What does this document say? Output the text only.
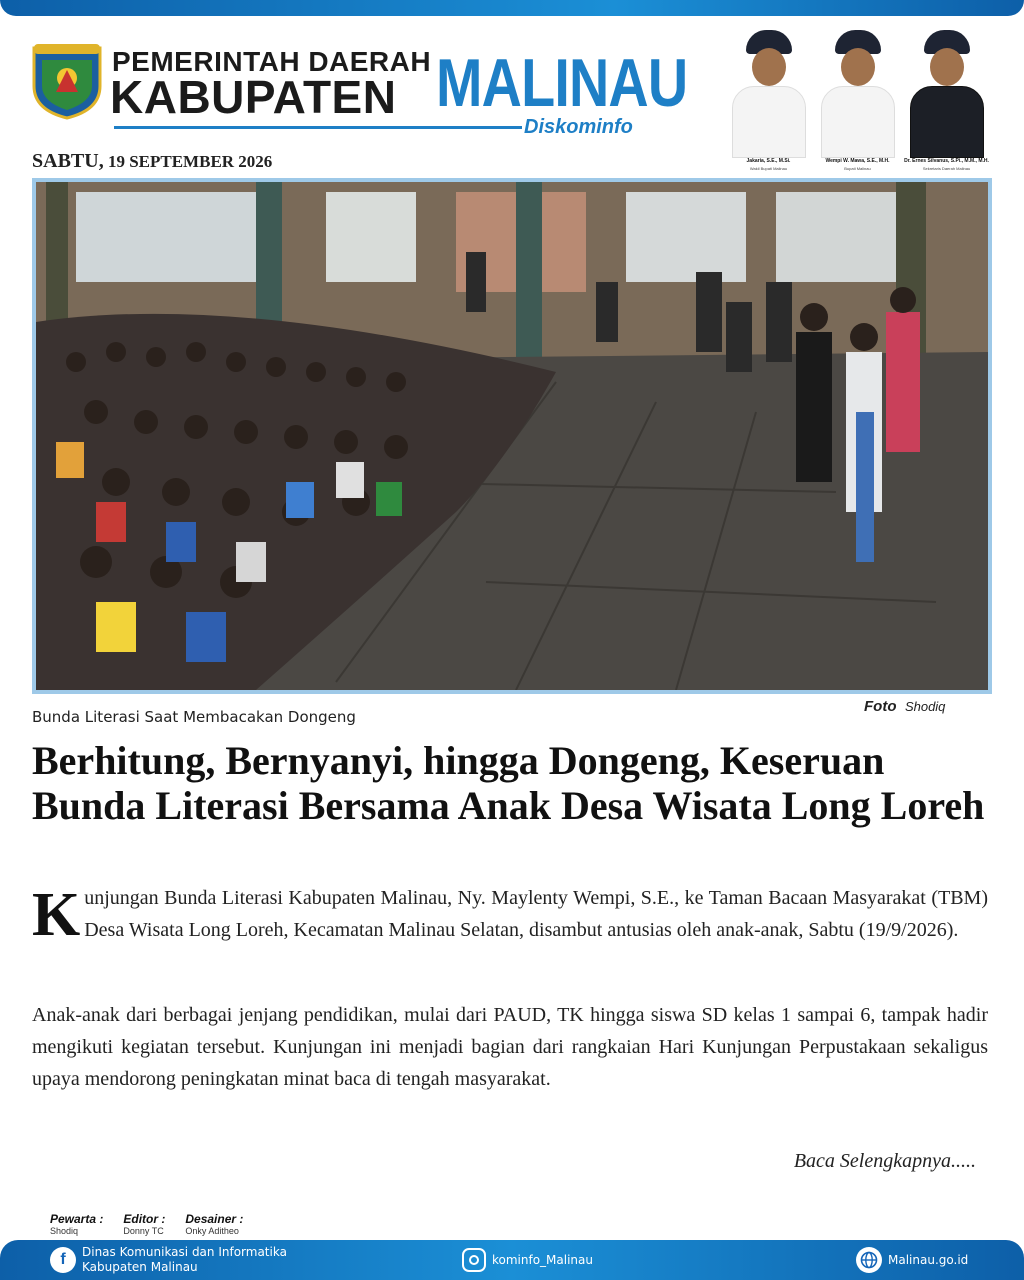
PEMERINTAH DAERAH
KABUPATEN MALINAU
Diskominfo
SABTU, 19 SEPTEMBER 2026	Jakaria, S.E., M.Si.
Wakil Bupati Malinau
Wempi W. Mawa, S.E., M.H.
Bupati Malinau
Dr. Ernes Silvanus, S.Pi., M.M., M.H.
Sekretaris Daerah Malinau
Bunda Literasi Saat Membacakan Dongeng
Foto Shodiq
Berhitung, Bernyanyi, hingga Dongeng, Keseruan Bunda Literasi Bersama Anak Desa Wisata Long Loreh

Kunjungan Bunda Literasi Kabupaten Malinau, Ny. Maylenty Wempi, S.E., ke Taman Bacaan Masyarakat (TBM) Desa Wisata Long Loreh, Kecamatan Malinau Selatan, disambut antusias oleh anak-anak, Sabtu (19/9/2026).

Anak-anak dari berbagai jenjang pendidikan, mulai dari PAUD, TK hingga siswa SD kelas 1 sampai 6, tampak hadir mengikuti kegiatan tersebut. Kunjungan ini menjadi bagian dari rangkaian Hari Kunjungan Perpustakaan sekaligus upaya mendorong peningkatan minat baca di tengah masyarakat.

Baca Selengkapnya.....
Pewarta :
Shodiq
Editor :
Donny TC
Desainer :
Onky Aditheo
f	Dinas Komunikasi dan Informatika
Kabupaten Malinau
kominfo_Malinau	Malinau.go.id
